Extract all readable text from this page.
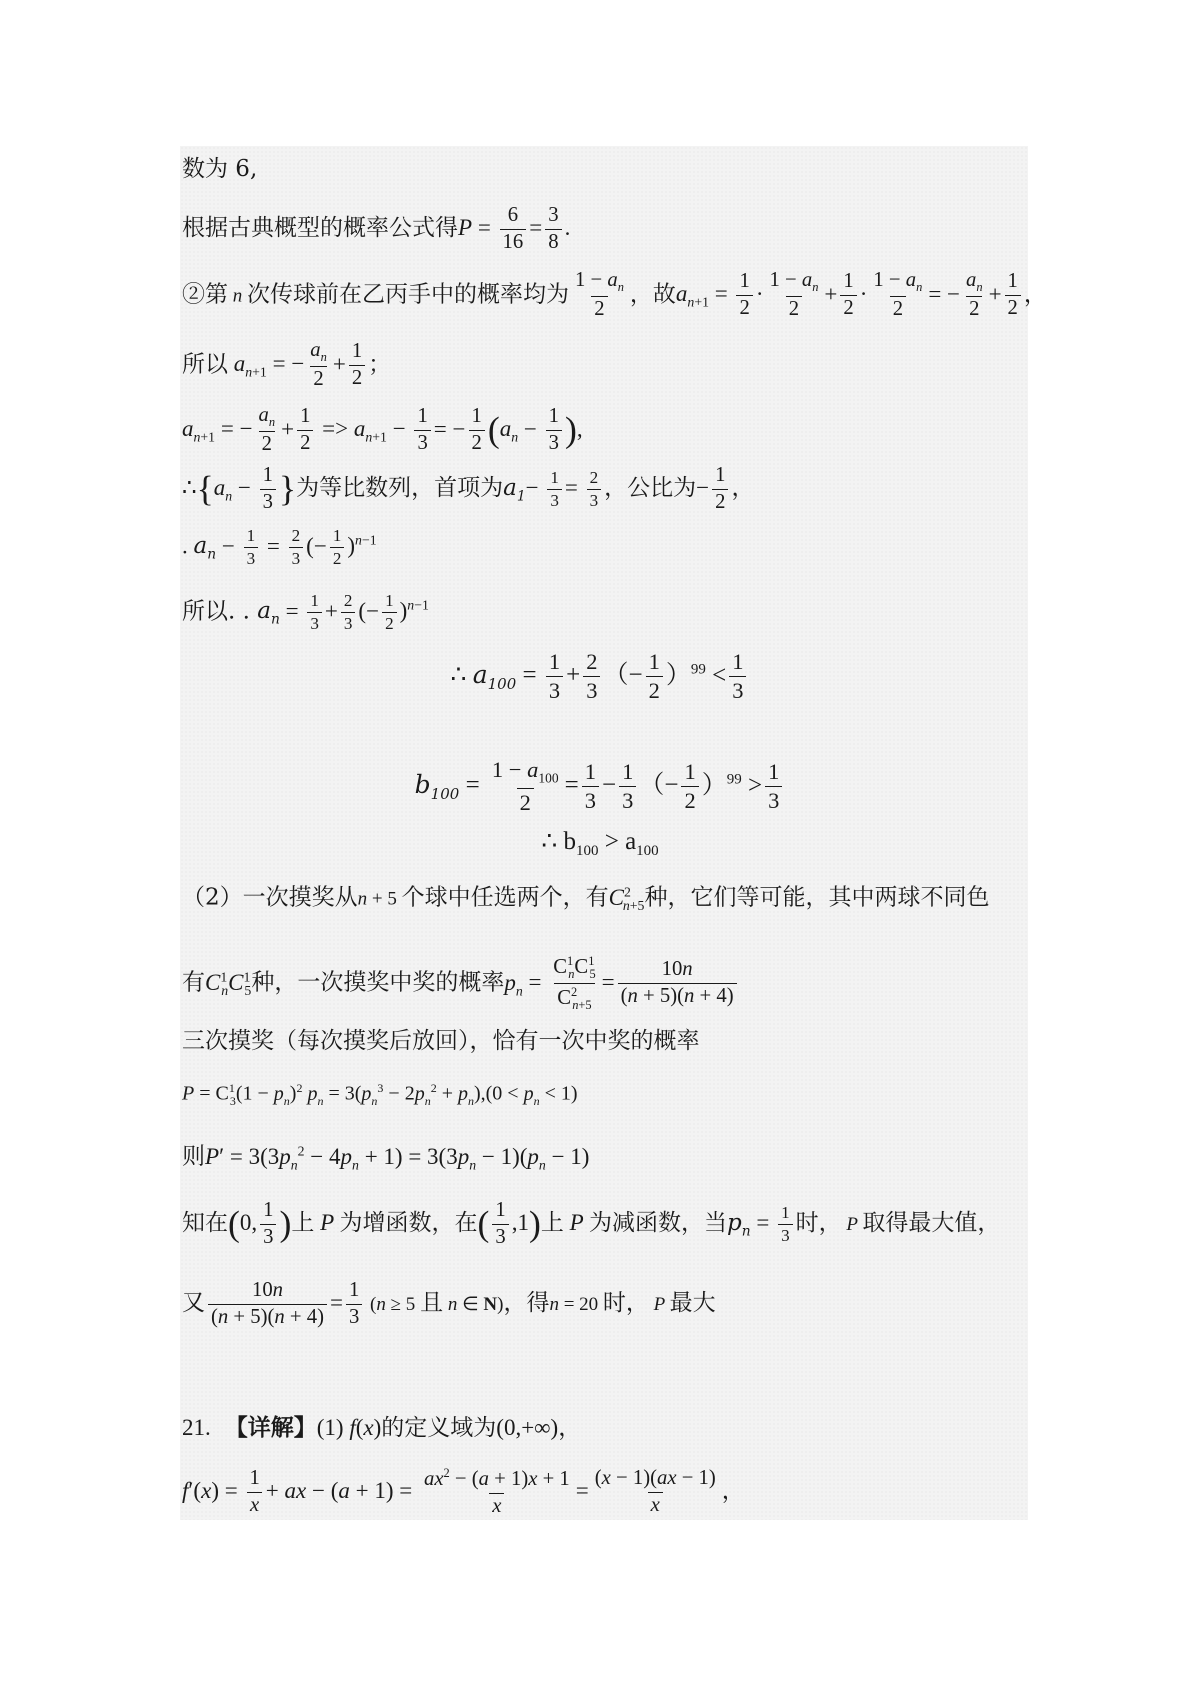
数为 6,
根据古典概型的概率公式得$P = \frac{6}{16} = \frac{3}{8}$ .
②第 n 次传球前在乙丙手中的概率均为 $\frac{1 - a_n}{2}$ ，故$a_{n+1} = \frac{1}{2} \cdot \frac{1 - a_n}{2} + \frac{1}{2} \cdot \frac{1 - a_n}{2}$ = − $\frac{a_n}{2} + \frac{1}{2}$ ，
所以 $a_{n+1}$ = − $\frac{a_n}{2} + \frac{1}{2}$ ；
$a_{n+1}$ = − $\frac{a_n}{2} + \frac{1}{2} => a_{n+1} - \frac{1}{3}$ = − $\frac{1}{2} (a_n - \frac{1}{3}$ ),
$\therefore\{a_n - \frac{1}{3}$ }为等比数列，首项为$a_1- \frac{1}{3} = \frac{2}{3}$ ，公比为− $\frac{1}{2}$ ，
. $a_n - \frac{1}{3} = \frac{2}{3}$ (− $\frac{1}{2} )^{n-1}$
所以. . $a_n = \frac{1}{3} + \frac{2}{3}$ (− $\frac{1}{2} )^{n-1}$
∴ $a_{100} = \frac{1}{3} + \frac{2}{3}$ （− $\frac{1}{2} )^{99} < \frac{1}{3}$
$b_{100} = \frac{1 - a_{100}}{2} = \frac{1}{3} - \frac{1}{3}$ （− $\frac{1}{2} )^{99} > \frac{1}{3}$
∴ $b_{100} > a_{100}$
（2）一次摸奖从n + 5 个球中任选两个，有$C^2_{n+5}$种，它们等可能，其中两球不同色
有$C^1_nC^1_5$种，一次摸奖中奖的概率$p_n = \frac{C^1_nC^1_5}{C^2_{n+5}} = \frac{10n}{(n + 5)(n + 4)}$
三次摸奖（每次摸奖后放回），恰有一次中奖的概率
$P = C^1_3(1 - p_n)^2$ $p_n = 3(p_n^3 - 2p_n^2 + p_n),(0 < p_n < 1)$
则$P' = 3(3p_n^2 - 4p_n + 1) = 3(3p_n - 1)(p_n - 1)$
知在(0, $\frac{1}{3}$ )上 P 为增函数，在( $\frac{1}{3} ,1$)上 P 为减函数，当$p_n = \frac{1}{3}$ 时， P 取得最大值，
又 $\frac{10n}{(n + 5)(n + 4)} = \frac{1}{3} (n \ge 5$ 且 n ∈ N)，得n = 20 时， P 最大
21. 【详解】(1) f(x)的定义域为(0,+∞)，
$f'(x) = \frac{1}{x}$ + ax − $(a + 1) = \frac{ax^2 - (a + 1)x + 1}{x} = \frac{(x - 1)(ax - 1)}{x}$ ，
